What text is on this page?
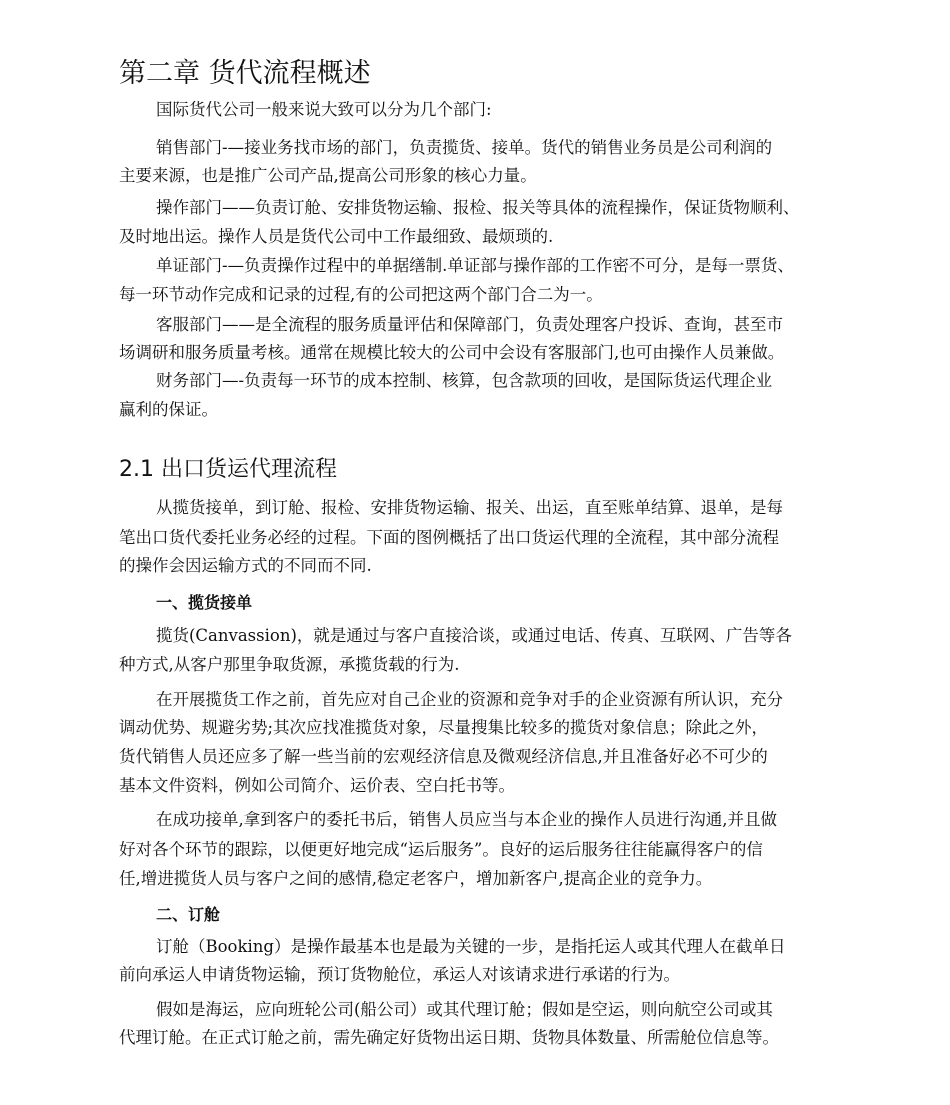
第二章 货代流程概述

国际货代公司一般来说大致可以分为几个部门:

销售部门-—接业务找市场的部门，负责揽货、接单。货代的销售业务员是公司利润的

主要来源，也是推广公司产品,提高公司形象的核心力量。

操作部门——负责订舱、安排货物运输、报检、报关等具体的流程操作，保证货物顺利、

及时地出运。操作人员是货代公司中工作最细致、最烦琐的.

单证部门-—负责操作过程中的单据缮制.单证部与操作部的工作密不可分，是每一票货、

每一环节动作完成和记录的过程,有的公司把这两个部门合二为一。

客服部门——是全流程的服务质量评估和保障部门，负责处理客户投诉、查询，甚至市

场调研和服务质量考核。通常在规模比较大的公司中会设有客服部门,也可由操作人员兼做。

财务部门—-负责每一环节的成本控制、核算，包含款项的回收，是国际货运代理企业

赢利的保证。

2.1 出口货运代理流程

从揽货接单，到订舱、报检、安排货物运输、报关、出运，直至账单结算、退单，是每

笔出口货代委托业务必经的过程。下面的图例概括了出口货运代理的全流程，其中部分流程

的操作会因运输方式的不同而不同.

一、揽货接单

揽货(Canvassion)，就是通过与客户直接洽谈，或通过电话、传真、互联网、广告等各

种方式,从客户那里争取货源，承揽货载的行为.

在开展揽货工作之前，首先应对自己企业的资源和竞争对手的企业资源有所认识，充分

调动优势、规避劣势;其次应找准揽货对象，尽量搜集比较多的揽货对象信息；除此之外，

货代销售人员还应多了解一些当前的宏观经济信息及微观经济信息,并且准备好必不可少的

基本文件资料，例如公司简介、运价表、空白托书等。

在成功接单,拿到客户的委托书后，销售人员应当与本企业的操作人员进行沟通,并且做

好对各个环节的跟踪，以便更好地完成“运后服务”。良好的运后服务往往能赢得客户的信

任,增进揽货人员与客户之间的感情,稳定老客户，增加新客户,提高企业的竞争力。

二、订舱

订舱（Booking）是操作最基本也是最为关键的一步，是指托运人或其代理人在截单日

前向承运人申请货物运输，预订货物舱位，承运人对该请求进行承诺的行为。

假如是海运，应向班轮公司(船公司）或其代理订舱；假如是空运，则向航空公司或其

代理订舱。在正式订舱之前，需先确定好货物出运日期、货物具体数量、所需舱位信息等。
